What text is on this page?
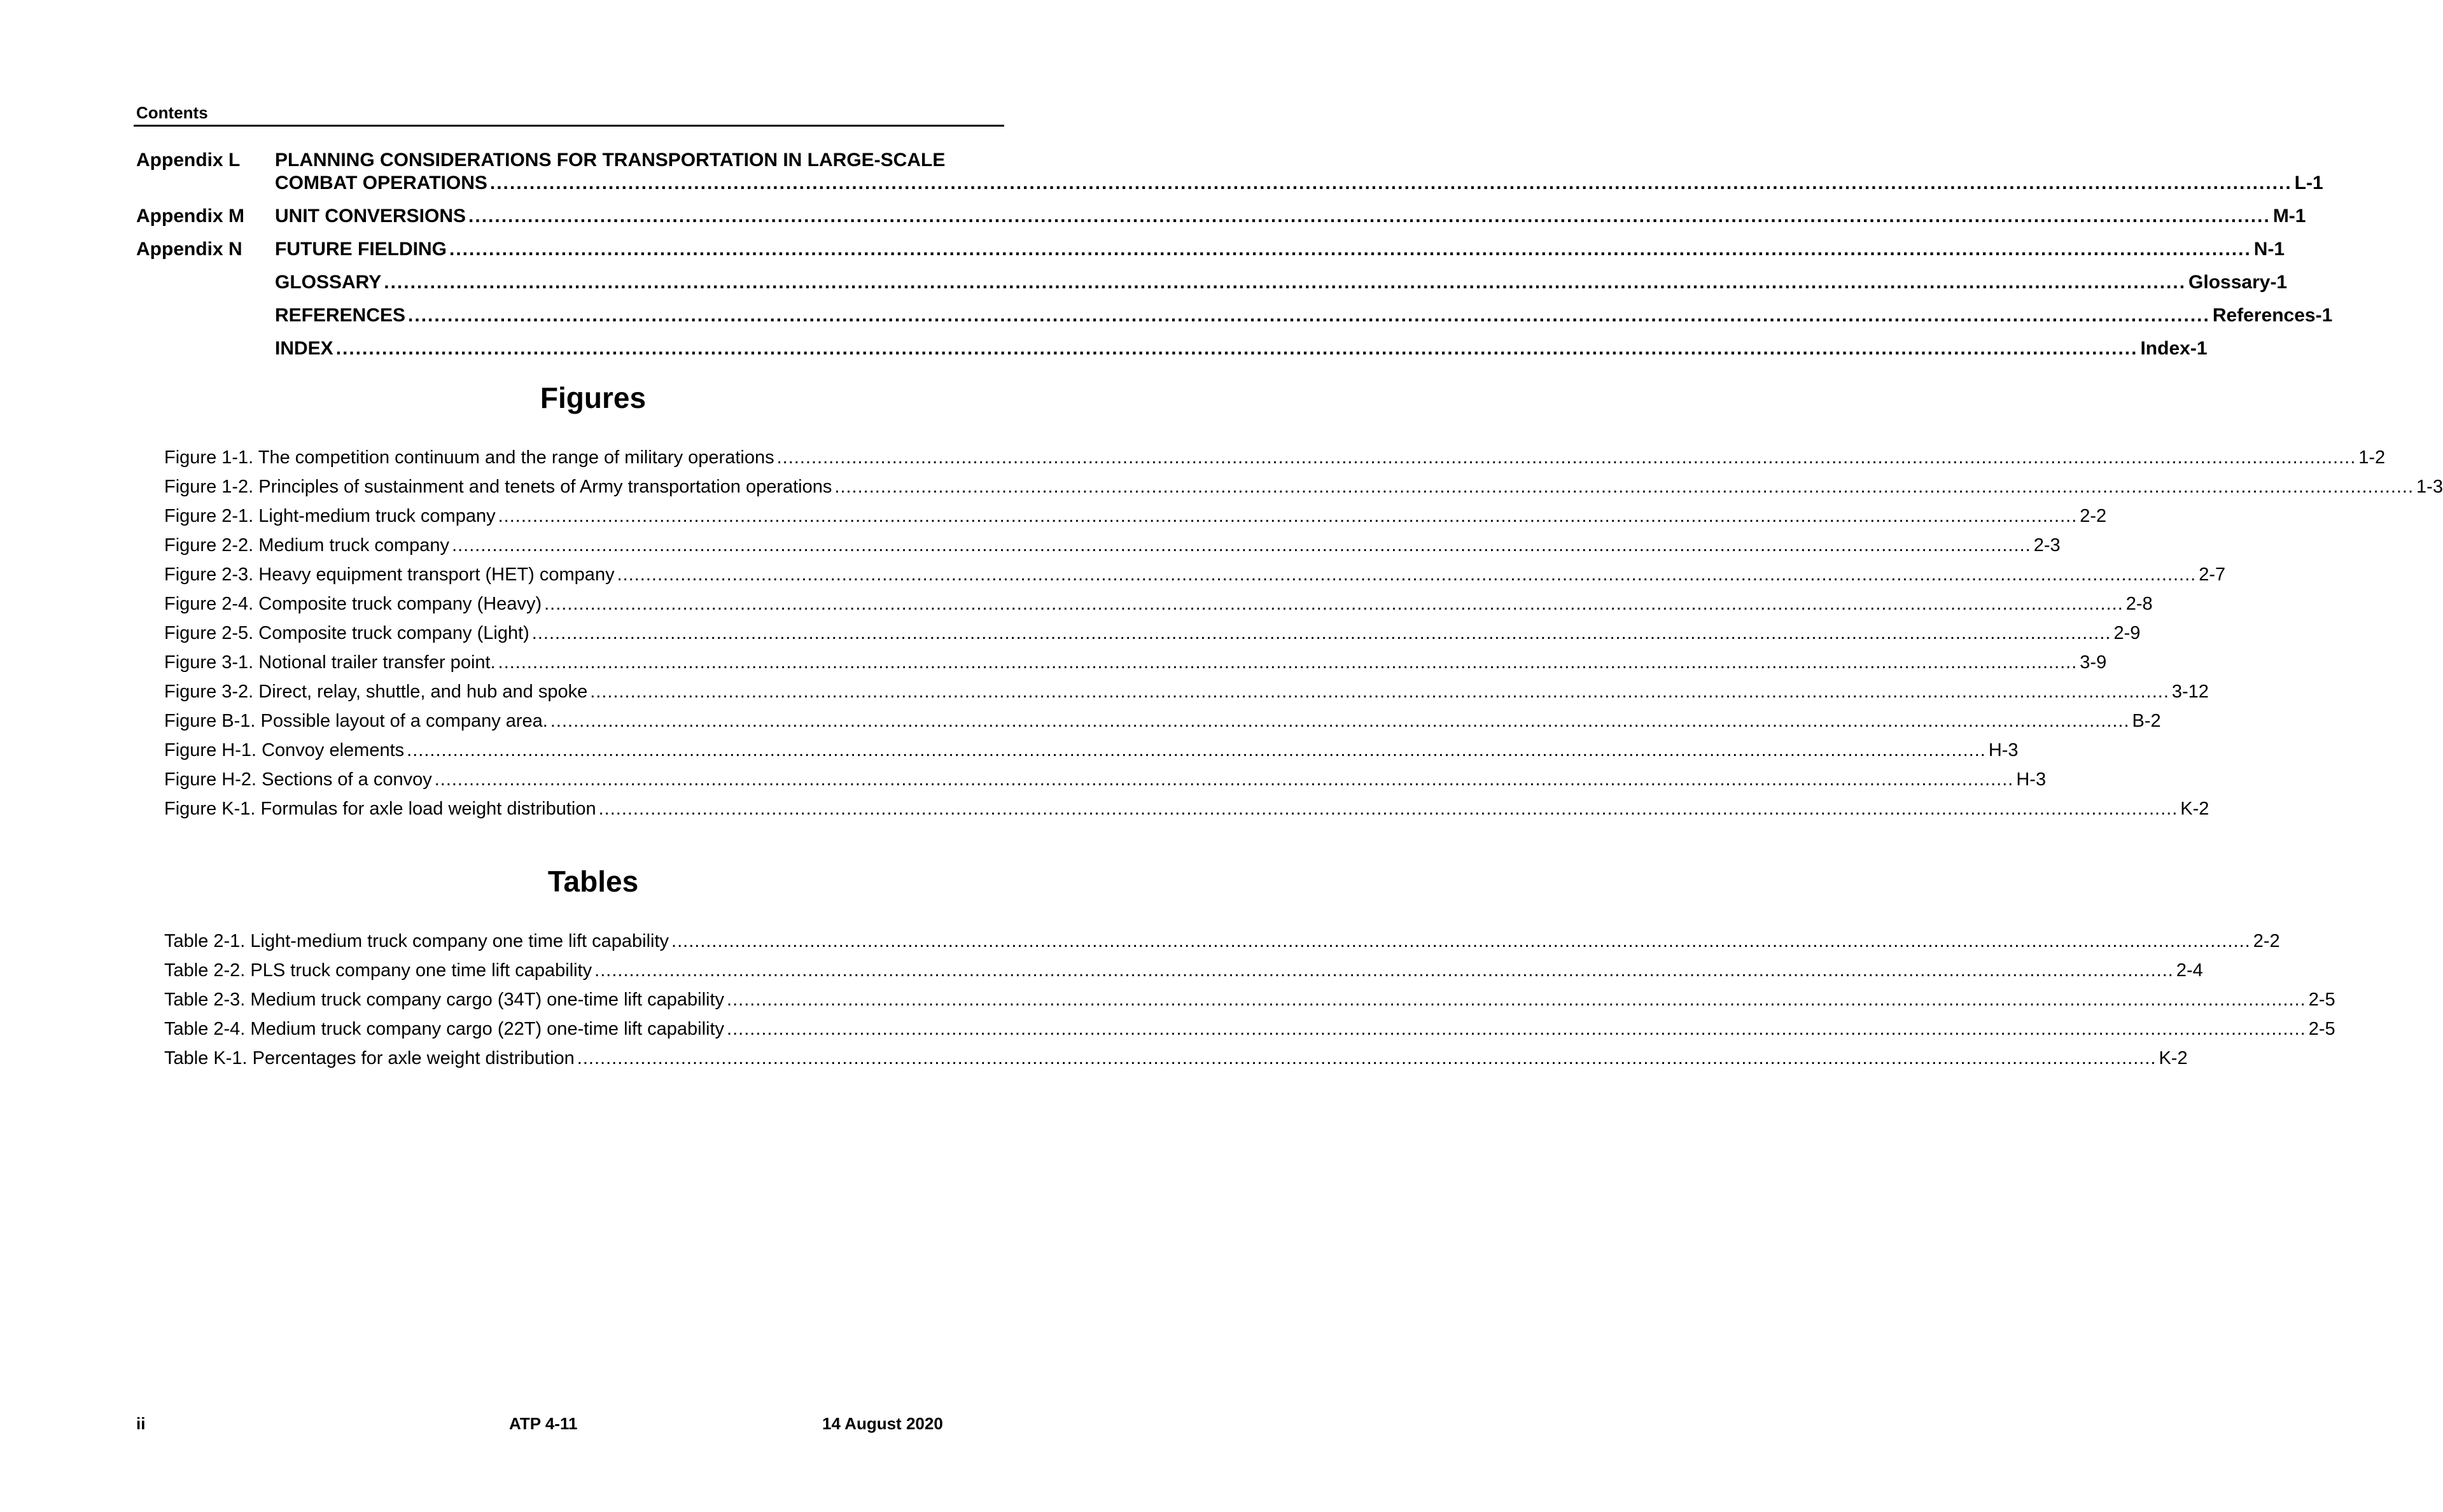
Contents
Appendix L	PLANNING CONSIDERATIONS FOR TRANSPORTATION IN LARGE-SCALE
COMBAT OPERATIONS .....	L-1
Appendix M	UNIT CONVERSIONS .....	M-1
Appendix N	FUTURE FIELDING .....	N-1
GLOSSARY .....	Glossary-1
REFERENCES .....	References-1
INDEX .....	Index-1
Figures
Figure 1-1. The competition continuum and the range of military operations .....	1-2
Figure 1-2. Principles of sustainment and tenets of Army transportation operations .....	1-3
Figure 2-1. Light-medium truck company .....	2-2
Figure 2-2. Medium truck company .....	2-3
Figure 2-3. Heavy equipment transport (HET) company .....	2-7
Figure 2-4. Composite truck company (Heavy) .....	2-8
Figure 2-5. Composite truck company (Light) .....	2-9
Figure 3-1. Notional trailer transfer point. .....	3-9
Figure 3-2. Direct, relay, shuttle, and hub and spoke .....	3-12
Figure B-1. Possible layout of a company area. .....	B-2
Figure H-1. Convoy elements .....	H-3
Figure H-2. Sections of a convoy .....	H-3
Figure K-1. Formulas for axle load weight distribution .....	K-2
Tables
Table 2-1. Light-medium truck company one time lift capability .....	2-2
Table 2-2. PLS truck company one time lift capability .....	2-4
Table 2-3. Medium truck company cargo (34T) one-time lift capability .....	2-5
Table 2-4. Medium truck company cargo (22T) one-time lift capability .....	2-5
Table K-1. Percentages for axle weight distribution .....	K-2
ii	ATP 4-11	14 August 2020
